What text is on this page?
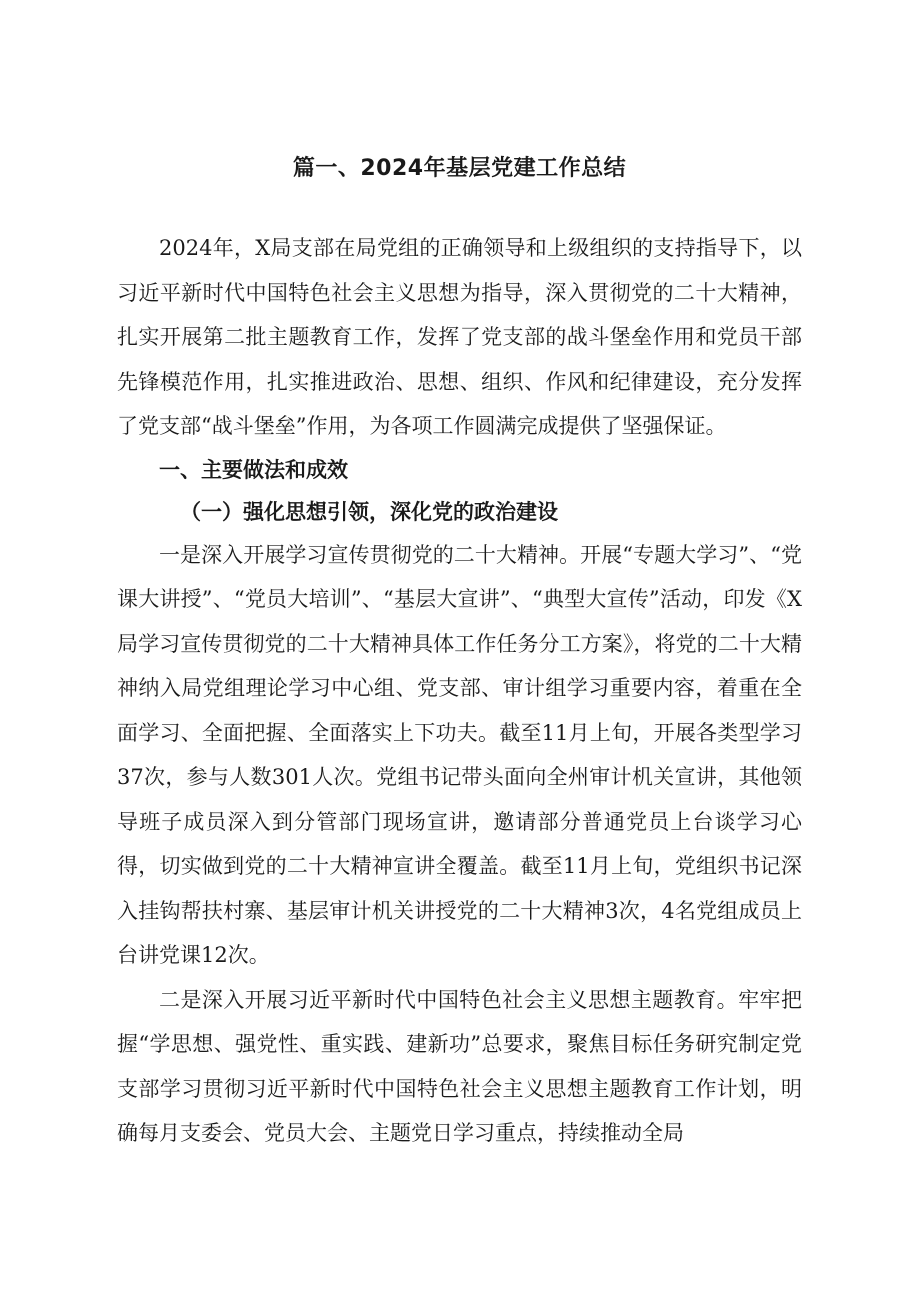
篇一、2024年基层党建工作总结

2024年，X局支部在局党组的正确领导和上级组织的支持指导下，以习近平新时代中国特色社会主义思想为指导，深入贯彻党的二十大精神，扎实开展第二批主题教育工作，发挥了党支部的战斗堡垒作用和党员干部先锋模范作用，扎实推进政治、思想、组织、作风和纪律建设，充分发挥了党支部“战斗堡垒”作用，为各项工作圆满完成提供了坚强保证。

一、主要做法和成效
（一）强化思想引领，深化党的政治建设

一是深入开展学习宣传贯彻党的二十大精神。开展“专题大学习”、“党课大讲授”、“党员大培训”、“基层大宣讲”、“典型大宣传”活动，印发《X局学习宣传贯彻党的二十大精神具体工作任务分工方案》，将党的二十大精神纳入局党组理论学习中心组、党支部、审计组学习重要内容，着重在全面学习、全面把握、全面落实上下功夫。截至11月上旬，开展各类型学习37次，参与人数301人次。党组书记带头面向全州审计机关宣讲，其他领导班子成员深入到分管部门现场宣讲，邀请部分普通党员上台谈学习心得，切实做到党的二十大精神宣讲全覆盖。截至11月上旬，党组织书记深入挂钩帮扶村寨、基层审计机关讲授党的二十大精神3次，4名党组成员上台讲党课12次。

二是深入开展习近平新时代中国特色社会主义思想主题教育。牢牢把握“学思想、强党性、重实践、建新功”总要求，聚焦目标任务研究制定党支部学习贯彻习近平新时代中国特色社会主义思想主题教育工作计划，明确每月支委会、党员大会、主题党日学习重点，持续推动全局
